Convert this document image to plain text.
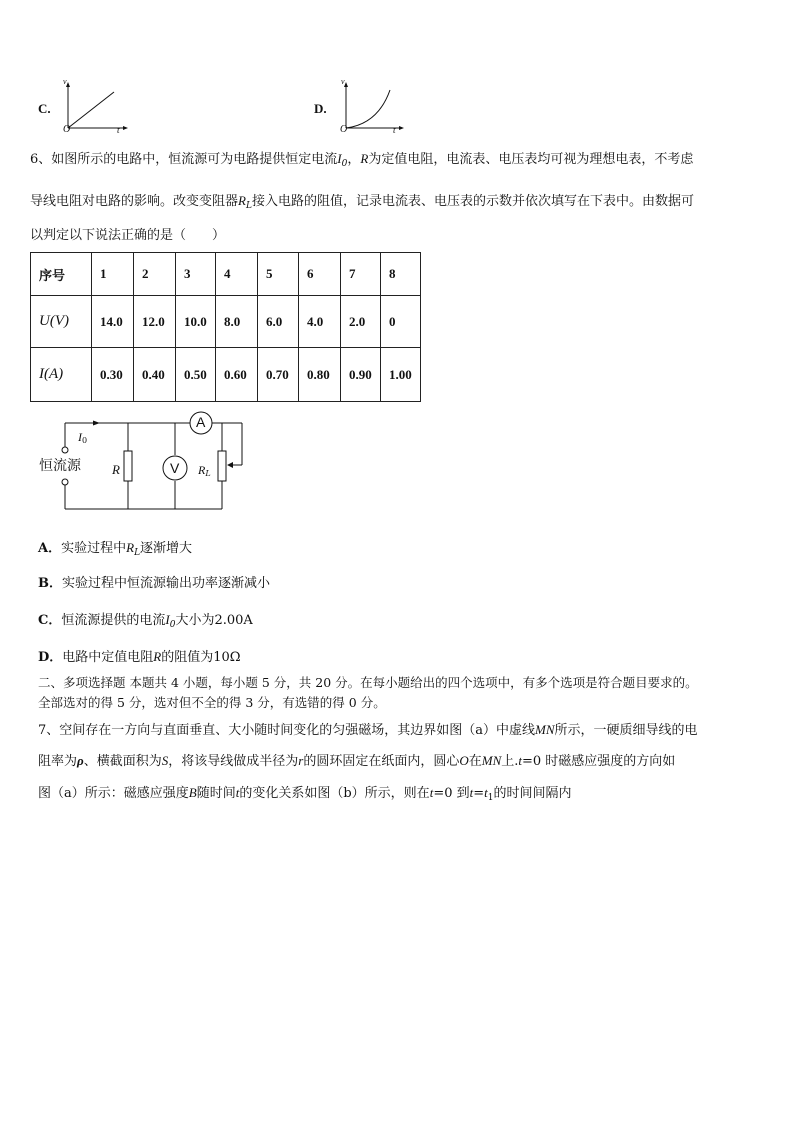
C.
v
t
O
D.
v
t
O
6、如图所示的电路中，恒流源可为电路提供恒定电流$I_0$，R为定值电阻，电流表、电压表均可视为理想电表，不考虑
导线电阻对电路的影响。改变变阻器$R_L$接入电路的阻值，记录电流表、电压表的示数并依次填写在下表中。由数据可
以判定以下说法正确的是（　　）
序号	1	2	3	4	5	6	7	8
U(V)	14.0	12.0	10.0	8.0	6.0	4.0	2.0	0
I(A)	0.30	0.40	0.50	0.60	0.70	0.80	0.90	1.00
A
V
I0
恒流源 R	RL
A．实验过程中$R_L$逐渐增大
B．实验过程中恒流源输出功率逐渐减小
C．恒流源提供的电流$I_0$大小为2.00A
D．电路中定值电阻R的阻值为10Ω
二、多项选择题 本题共 4 小题，每小题 5 分，共 20 分。在每小题给出的四个选项中，有多个选项是符合题目要求的。
全部选对的得 5 分，选对但不全的得 3 分，有选错的得 0 分。
7、空间存在一方向与直面垂直、大小随时间变化的匀强磁场，其边界如图（a）中虚线MN所示，一硬质细导线的电
阻率为ρ、横截面积为S，将该导线做成半径为r的圆环固定在纸面内，圆心O在MN上.t=0 时磁感应强度的方向如
图（a）所示：磁感应强度B随时间t的变化关系如图（b）所示，则在t=0 到$t=t_1$的时间间隔内
